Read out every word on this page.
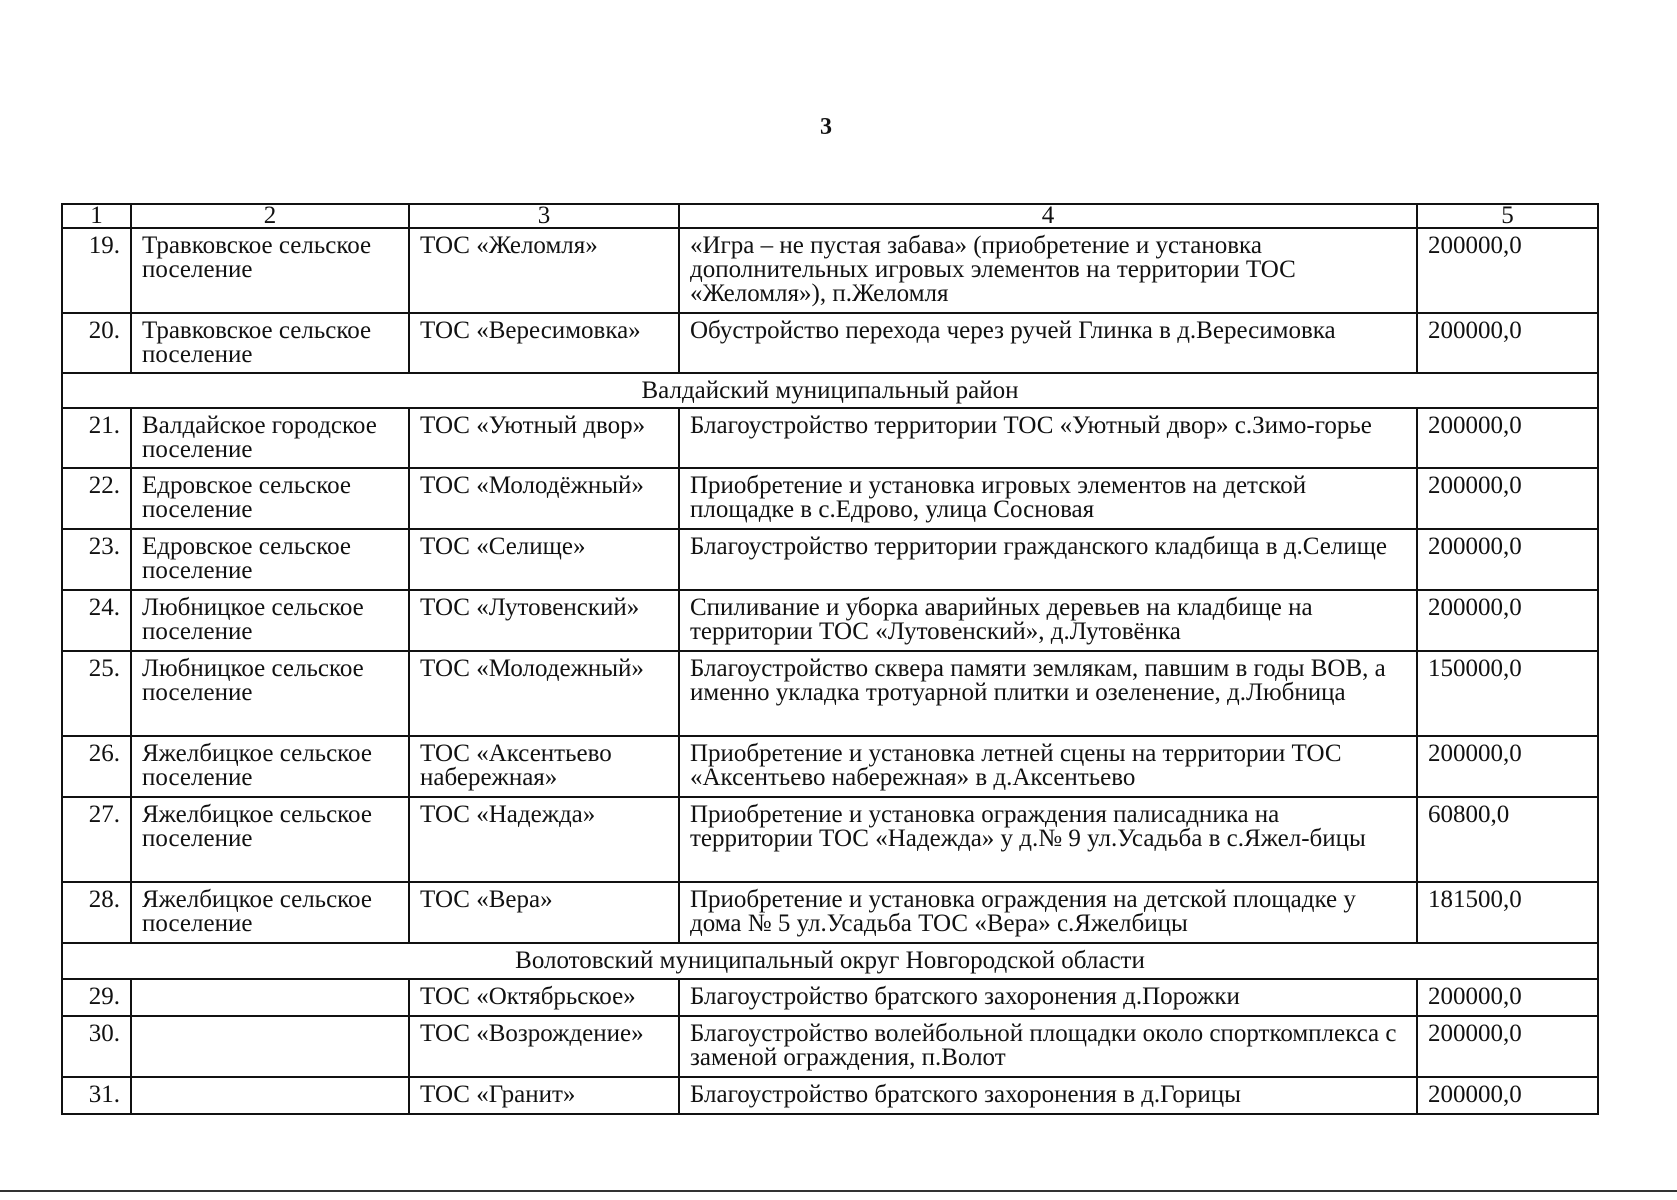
3
1	2	3	4	5
19.	Травковское сельское поселение	ТОС «Желомля»	«Игра – не пустая забава» (приобретение и установка дополнительных игровых элементов на территории ТОС «Желомля»), п.Желомля	200000,0
20.	Травковское сельское поселение	ТОС «Вересимовка»	Обустройство перехода через ручей Глинка в д.Вересимовка	200000,0
Валдайский муниципальный район				
21.	Валдайское городское поселение	ТОС «Уютный двор»	Благоустройство территории ТОС «Уютный двор» с.Зимо-горье	200000,0
22.	Едровское сельское поселение	ТОС «Молодёжный»	Приобретение и установка игровых элементов на детской площадке в с.Едрово, улица Сосновая	200000,0
23.	Едровское сельское поселение	ТОС «Селище»	Благоустройство территории гражданского кладбища в д.Селище	200000,0
24.	Любницкое сельское поселение	ТОС «Лутовенский»	Спиливание и уборка аварийных деревьев на кладбище на территории ТОС «Лутовенский», д.Лутовёнка	200000,0
25.	Любницкое сельское поселение	ТОС «Молодежный»	Благоустройство сквера памяти землякам, павшим в годы ВОВ, а именно укладка тротуарной плитки и озеленение, д.Любница	150000,0
26.	Яжелбицкое сельское поселение	ТОС «Аксентьево набережная»	Приобретение и установка летней сцены на территории ТОС «Аксентьево набережная» в д.Аксентьево	200000,0
27.	Яжелбицкое сельское поселение	ТОС «Надежда»	Приобретение и установка ограждения палисадника на территории ТОС «Надежда» у д.№ 9 ул.Усадьба в с.Яжел-бицы	60800,0
28.	Яжелбицкое сельское поселение	ТОС «Вера»	Приобретение и установка ограждения на детской площадке у дома № 5 ул.Усадьба ТОС «Вера» с.Яжелбицы	181500,0
Волотовский муниципальный округ Новгородской области				
29.		ТОС «Октябрьское»	Благоустройство братского захоронения д.Порожки	200000,0
30.		ТОС «Возрождение»	Благоустройство волейбольной площадки около спорткомплекса с заменой ограждения, п.Волот	200000,0
31.		ТОС «Гранит»	Благоустройство братского захоронения в д.Горицы	200000,0
